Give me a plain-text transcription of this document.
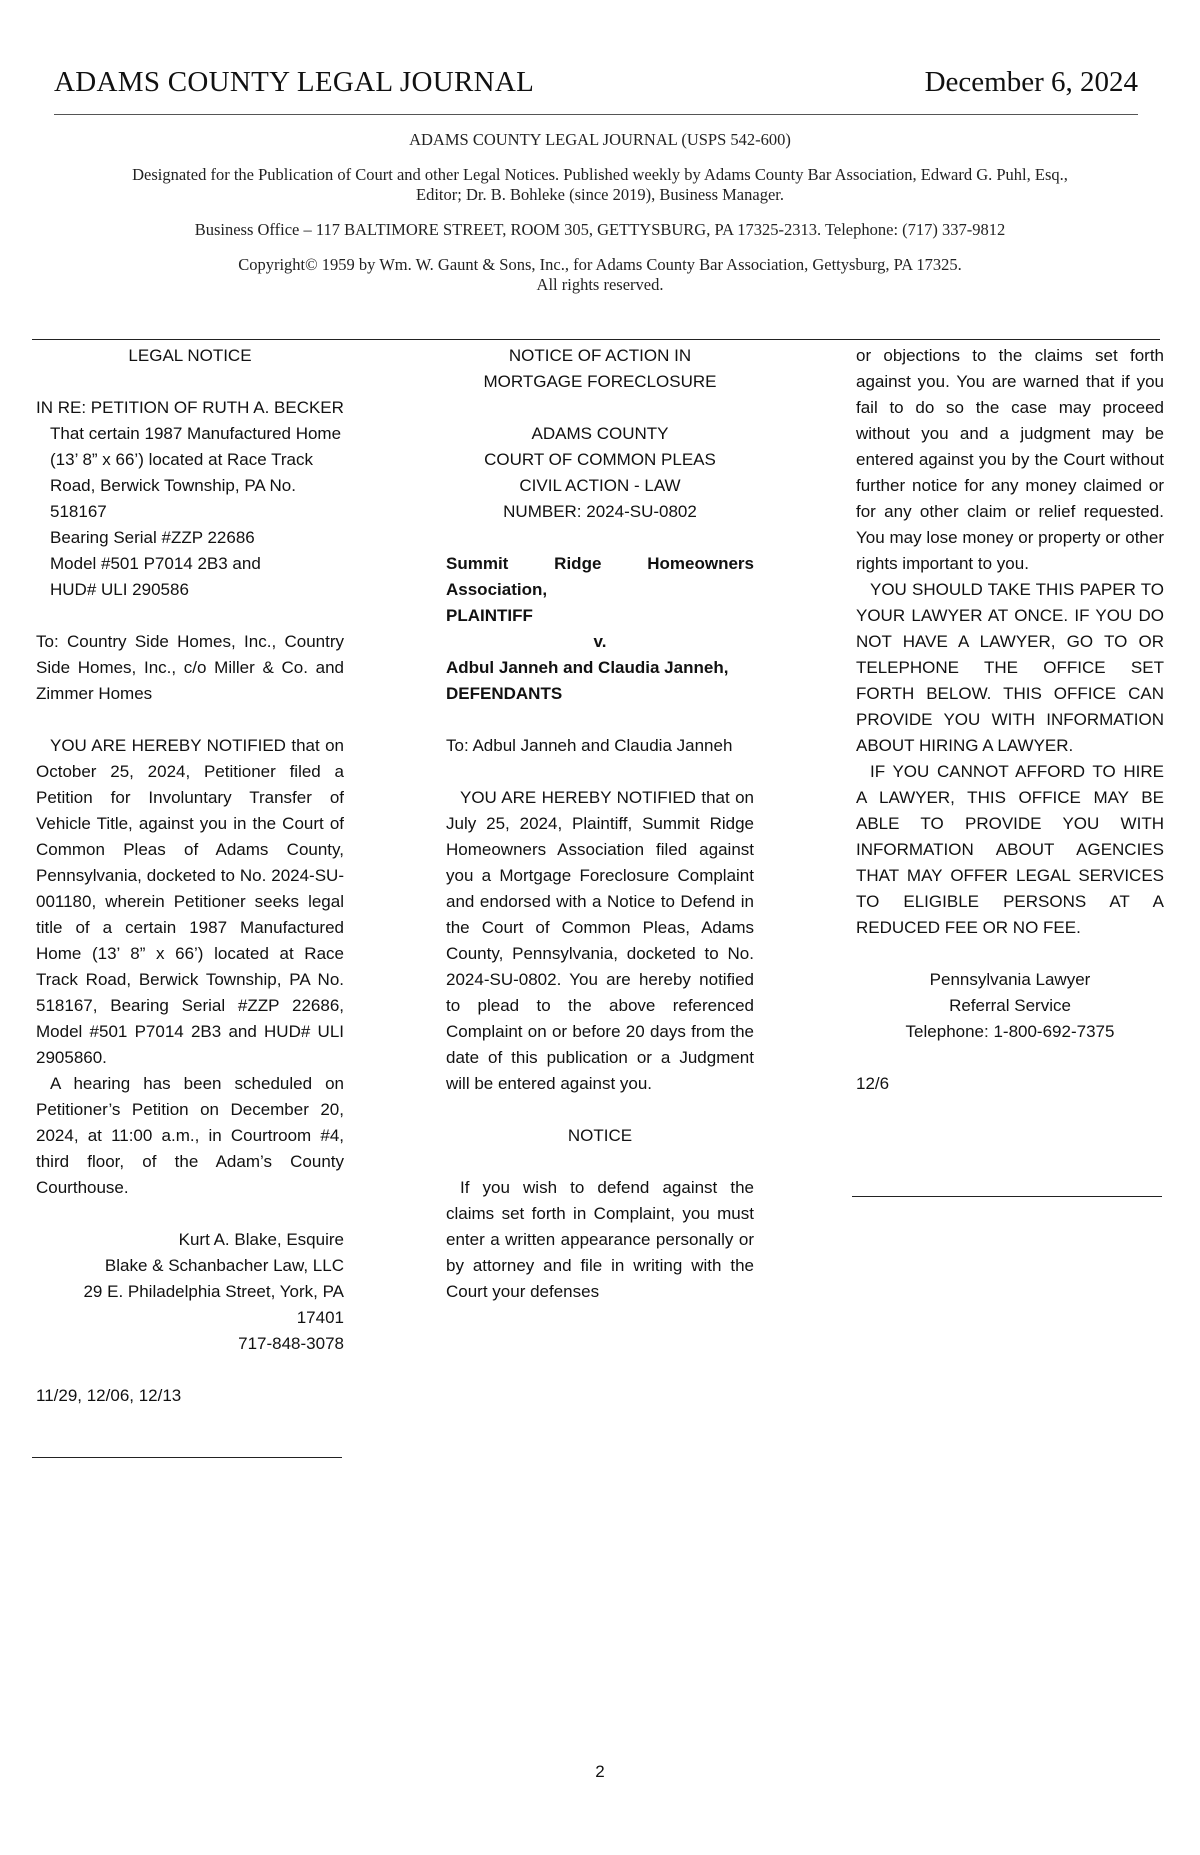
ADAMS COUNTY LEGAL JOURNAL	December 6, 2024

ADAMS COUNTY LEGAL JOURNAL (USPS 542-600)

Designated for the Publication of Court and other Legal Notices. Published weekly by Adams County Bar Association, Edward G. Puhl, Esq., Editor; Dr. B. Bohleke (since 2019), Business Manager.

Business Office – 117 BALTIMORE STREET, ROOM 305, GETTYSBURG, PA 17325-2313. Telephone: (717) 337-9812

Copyright© 1959 by Wm. W. Gaunt & Sons, Inc., for Adams County Bar Association, Gettysburg, PA 17325.

All rights reserved.

LEGAL NOTICE

IN RE: PETITION OF RUTH A. BECKER

That certain 1987 Manufactured Home (13’ 8” x 66’) located at Race Track Road, Berwick Township, PA No. 518167

Bearing Serial #ZZP 22686

Model #501 P7014 2B3 and

HUD# ULI 290586

To: Country Side Homes, Inc., Country Side Homes, Inc., c/o Miller & Co. and Zimmer Homes

YOU ARE HEREBY NOTIFIED that on October 25, 2024, Petitioner filed a Petition for Involuntary Transfer of Vehicle Title, against you in the Court of Common Pleas of Adams County, Pennsylvania, docketed to No. 2024-SU-001180, wherein Petitioner seeks legal title of a certain 1987 Manufactured Home (13’ 8” x 66’) located at Race Track Road, Berwick Township, PA No. 518167, Bearing Serial #ZZP 22686, Model #501 P7014 2B3 and HUD# ULI 2905860.

A hearing has been scheduled on Petitioner’s Petition on December 20, 2024, at 11:00 a.m., in Courtroom #4, third floor, of the Adam’s County Courthouse.

Kurt A. Blake, Esquire

Blake & Schanbacher Law, LLC

29 E. Philadelphia Street, York, PA 17401

717-848-3078

11/29, 12/06, 12/13

NOTICE OF ACTION IN

MORTGAGE FORECLOSURE

ADAMS COUNTY

COURT OF COMMON PLEAS

CIVIL ACTION - LAW

NUMBER: 2024-SU-0802

Summit Ridge Homeowners Association,

PLAINTIFF

v.

Adbul Janneh and Claudia Janneh,

DEFENDANTS

To: Adbul Janneh and Claudia Janneh

YOU ARE HEREBY NOTIFIED that on July 25, 2024, Plaintiff, Summit Ridge Homeowners Association filed against you a Mortgage Foreclosure Complaint and endorsed with a Notice to Defend in the Court of Common Pleas, Adams County, Pennsylvania, docketed to No. 2024-SU-0802. You are hereby notified to plead to the above referenced Complaint on or before 20 days from the date of this publication or a Judgment will be entered against you.

NOTICE

If you wish to defend against the claims set forth in Complaint, you must enter a written appearance personally or by attorney and file in writing with the Court your defenses

or objections to the claims set forth against you. You are warned that if you fail to do so the case may proceed without you and a judgment may be entered against you by the Court without further notice for any money claimed or for any other claim or relief requested. You may lose money or property or other rights important to you.

YOU SHOULD TAKE THIS PAPER TO YOUR LAWYER AT ONCE. IF YOU DO NOT HAVE A LAWYER, GO TO OR TELEPHONE THE OFFICE SET FORTH BELOW. THIS OFFICE CAN PROVIDE YOU WITH INFORMATION ABOUT HIRING A LAWYER.

IF YOU CANNOT AFFORD TO HIRE A LAWYER, THIS OFFICE MAY BE ABLE TO PROVIDE YOU WITH INFORMATION ABOUT AGENCIES THAT MAY OFFER LEGAL SERVICES TO ELIGIBLE PERSONS AT A REDUCED FEE OR NO FEE.

Pennsylvania Lawyer

Referral Service

Telephone: 1-800-692-7375

12/6

2
